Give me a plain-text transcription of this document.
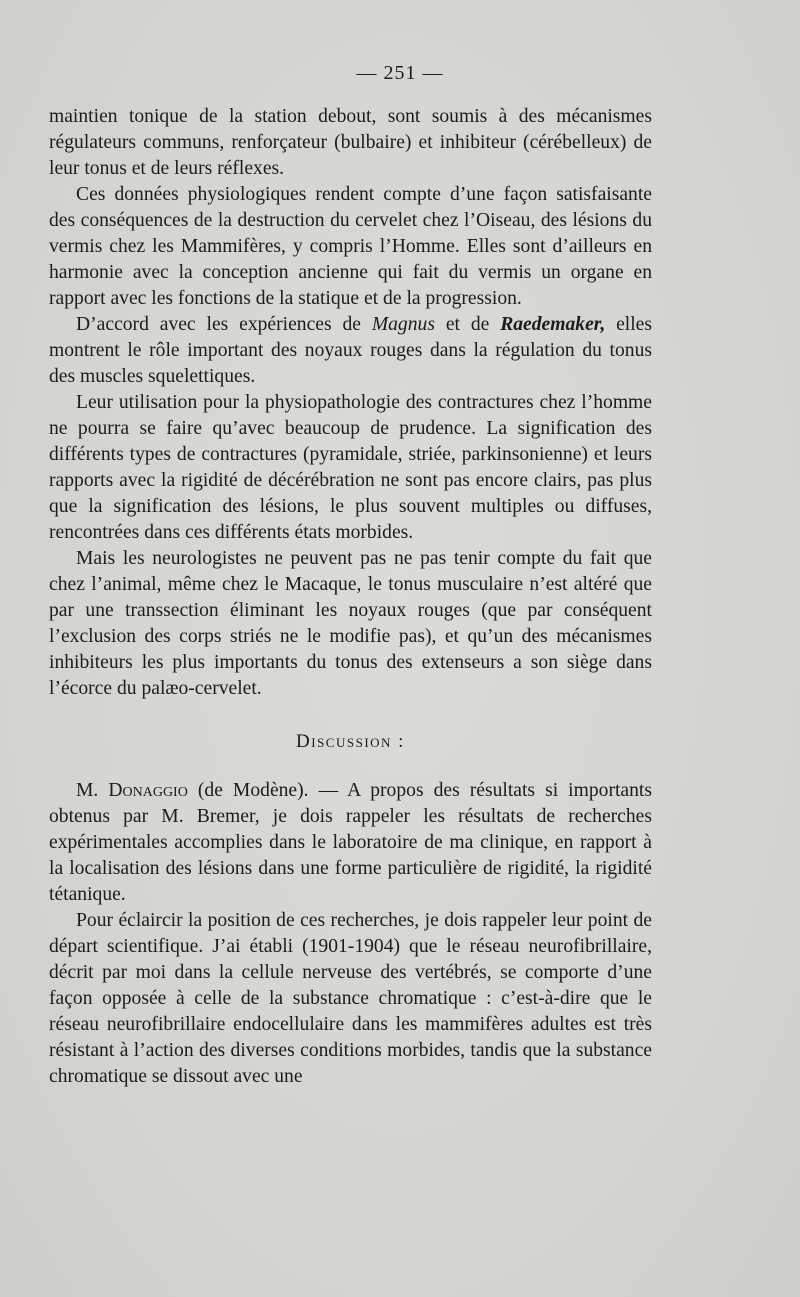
— 251 —

maintien tonique de la station debout, sont soumis à des mécanismes régulateurs communs, renforçateur (bulbaire) et inhibiteur (cérébelleux) de leur tonus et de leurs réflexes.

Ces données physiologiques rendent compte d’une façon satisfaisante des conséquences de la destruction du cervelet chez l’Oiseau, des lésions du vermis chez les Mammifères, y compris l’Homme. Elles sont d’ailleurs en harmonie avec la conception ancienne qui fait du vermis un organe en rapport avec les fonctions de la statique et de la progression.

D’accord avec les expériences de Magnus et de Raedemaker, elles montrent le rôle important des noyaux rouges dans la régulation du tonus des muscles squelettiques.

Leur utilisation pour la physiopathologie des contractures chez l’homme ne pourra se faire qu’avec beaucoup de prudence. La signification des différents types de contractures (pyramidale, striée, parkinsonienne) et leurs rapports avec la rigidité de décérébration ne sont pas encore clairs, pas plus que la signification des lésions, le plus souvent multiples ou diffuses, rencontrées dans ces différents états morbides.

Mais les neurologistes ne peuvent pas ne pas tenir compte du fait que chez l’animal, même chez le Macaque, le tonus musculaire n’est altéré que par une transsection éliminant les noyaux rouges (que par conséquent l’exclusion des corps striés ne le modifie pas), et qu’un des mécanismes inhibiteurs les plus importants du tonus des extenseurs a son siège dans l’écorce du palæo-cervelet.

Discussion :

M. Donaggio (de Modène). — A propos des résultats si importants obtenus par M. Bremer, je dois rappeler les résultats de recherches expérimentales accomplies dans le laboratoire de ma clinique, en rapport à la localisation des lésions dans une forme particulière de rigidité, la rigidité tétanique.

Pour éclaircir la position de ces recherches, je dois rappeler leur point de départ scientifique. J’ai établi (1901-1904) que le réseau neurofibrillaire, décrit par moi dans la cellule nerveuse des vertébrés, se comporte d’une façon opposée à celle de la substance chromatique : c’est-à-dire que le réseau neurofibrillaire endocellulaire dans les mammifères adultes est très résistant à l’action des diverses conditions morbides, tandis que la substance chromatique se dissout avec une
